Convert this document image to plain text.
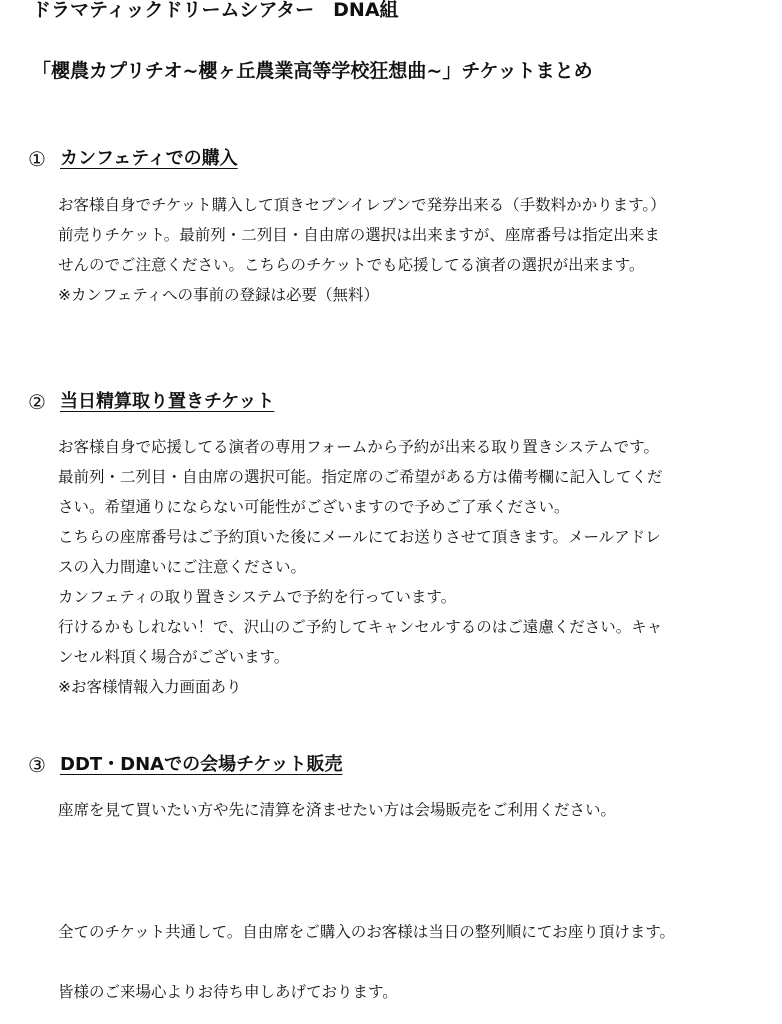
ドラマティックドリームシアター　DNA組
「櫻農カプリチオ~櫻ヶ丘農業高等学校狂想曲~」チケットまとめ
① カンフェティでの購入
お客様自身でチケット購入して頂きセブンイレブンで発券出来る（手数料かかります。）
前売りチケット。最前列・二列目・自由席の選択は出来ますが、座席番号は指定出来ま
せんのでご注意ください。こちらのチケットでも応援してる演者の選択が出来ます。
※カンフェティへの事前の登録は必要（無料）
② 当日精算取り置きチケット
お客様自身で応援してる演者の専用フォームから予約が出来る取り置きシステムです。
最前列・二列目・自由席の選択可能。指定席のご希望がある方は備考欄に記入してくだ
さい。希望通りにならない可能性がございますので予めご了承ください。
こちらの座席番号はご予約頂いた後にメールにてお送りさせて頂きます。メールアドレ
スの入力間違いにご注意ください。
カンフェティの取り置きシステムで予約を行っています。
行けるかもしれない！で、沢山のご予約してキャンセルするのはご遠慮ください。キャ
ンセル料頂く場合がございます。
※お客様情報入力画面あり
③ DDT・DNAでの会場チケット販売
座席を見て買いたい方や先に清算を済ませたい方は会場販売をご利用ください。
全てのチケット共通して。自由席をご購入のお客様は当日の整列順にてお座り頂けます。
皆様のご来場心よりお待ち申しあげております。
